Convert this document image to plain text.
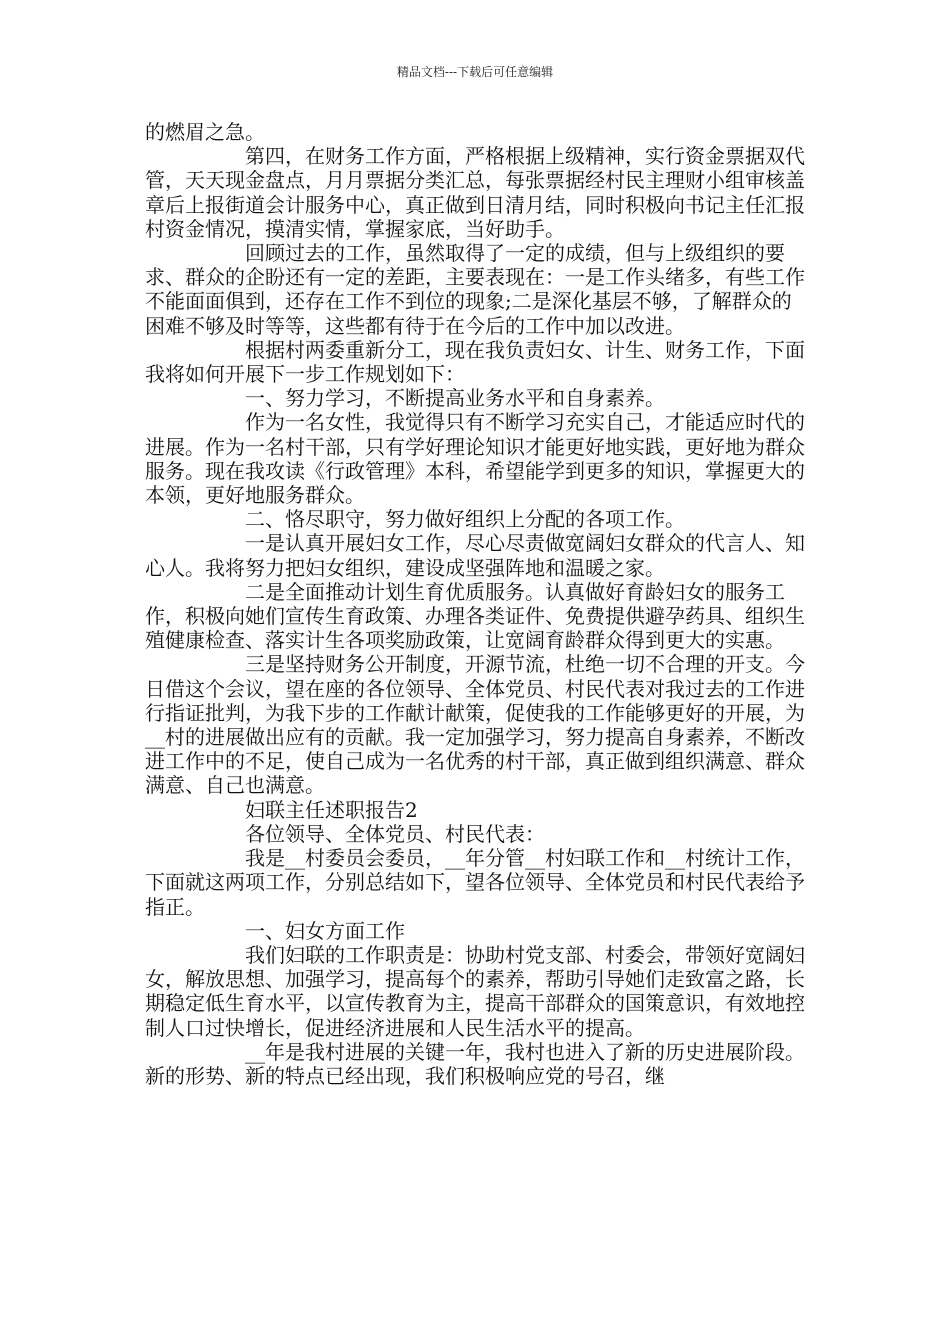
精品文档---下载后可任意编辑

的燃眉之急。

第四，在财务工作方面，严格根据上级精神，实行资金票据双代管，天天现金盘点，月月票据分类汇总，每张票据经村民主理财小组审核盖章后上报街道会计服务中心，真正做到日清月结，同时积极向书记主任汇报村资金情况，摸清实情，掌握家底，当好助手。

回顾过去的工作，虽然取得了一定的成绩，但与上级组织的要求、群众的企盼还有一定的差距，主要表现在：一是工作头绪多，有些工作不能面面俱到，还存在工作不到位的现象;二是深化基层不够，了解群众的困难不够及时等等，这些都有待于在今后的工作中加以改进。

根据村两委重新分工，现在我负责妇女、计生、财务工作，下面我将如何开展下一步工作规划如下：

一、努力学习，不断提高业务水平和自身素养。

作为一名女性，我觉得只有不断学习充实自己，才能适应时代的进展。作为一名村干部，只有学好理论知识才能更好地实践，更好地为群众服务。现在我攻读《行政管理》本科，希望能学到更多的知识，掌握更大的本领，更好地服务群众。

二、恪尽职守，努力做好组织上分配的各项工作。

一是认真开展妇女工作，尽心尽责做宽阔妇女群众的代言人、知心人。我将努力把妇女组织，建设成坚强阵地和温暖之家。

二是全面推动计划生育优质服务。认真做好育龄妇女的服务工作，积极向她们宣传生育政策、办理各类证件、免费提供避孕药具、组织生殖健康检查、落实计生各项奖励政策，让宽阔育龄群众得到更大的实惠。

三是坚持财务公开制度，开源节流，杜绝一切不合理的开支。今日借这个会议，望在座的各位领导、全体党员、村民代表对我过去的工作进行指证批判，为我下步的工作献计献策，促使我的工作能够更好的开展，为__村的进展做出应有的贡献。我一定加强学习，努力提高自身素养，不断改进工作中的不足，使自己成为一名优秀的村干部，真正做到组织满意、群众满意、自己也满意。

妇联主任述职报告2

各位领导、全体党员、村民代表：

我是__村委员会委员，__年分管__村妇联工作和__村统计工作，下面就这两项工作，分别总结如下，望各位领导、全体党员和村民代表给予指正。

一、妇女方面工作

我们妇联的工作职责是：协助村党支部、村委会，带领好宽阔妇女，解放思想、加强学习，提高每个的素养，帮助引导她们走致富之路，长期稳定低生育水平，以宣传教育为主，提高干部群众的国策意识，有效地控制人口过快增长，促进经济进展和人民生活水平的提高。

__年是我村进展的关键一年，我村也进入了新的历史进展阶段。新的形势、新的特点已经出现，我们积极响应党的号召，继
